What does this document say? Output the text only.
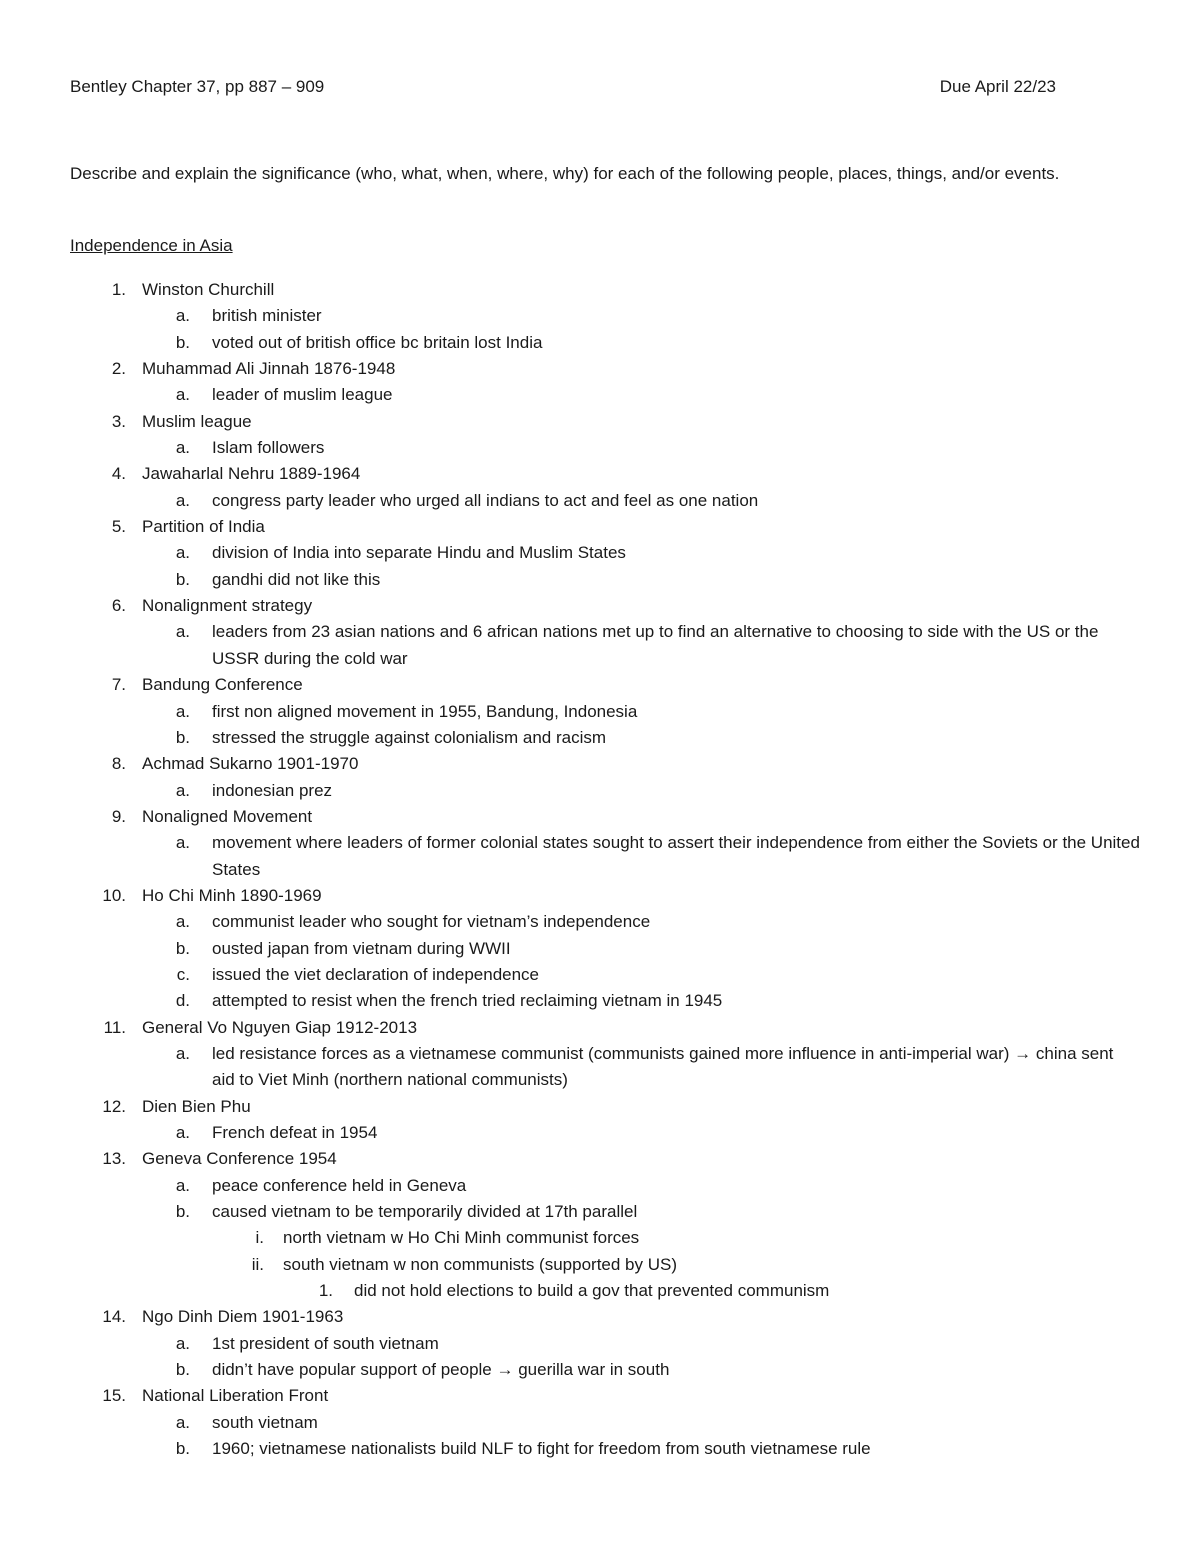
Bentley Chapter 37, pp 887 – 909	Due April 22/23

Describe and explain the significance (who, what, when, where, why) for each of the following people, places, things, and/or events.

Independence in Asia

1. Winston Churchill
a. british minister
b. voted out of british office bc britain lost India
2. Muhammad Ali Jinnah 1876-1948
a. leader of muslim league
3. Muslim league
a. Islam followers
4. Jawaharlal Nehru 1889-1964
a. congress party leader who urged all indians to act and feel as one nation
5. Partition of India
a. division of India into separate Hindu and Muslim States
b. gandhi did not like this
6. Nonalignment strategy
a. leaders from 23 asian nations and 6 african nations met up to find an alternative to choosing to side with the US or the USSR during the cold war
7. Bandung Conference
a. first non aligned movement in 1955, Bandung, Indonesia
b. stressed the struggle against colonialism and racism
8. Achmad Sukarno 1901-1970
a. indonesian prez
9. Nonaligned Movement
a. movement where leaders of former colonial states sought to assert their independence from either the Soviets or the United States
10. Ho Chi Minh 1890-1969
a. communist leader who sought for vietnam’s independence
b. ousted japan from vietnam during WWII
c. issued the viet declaration of independence
d. attempted to resist when the french tried reclaiming vietnam in 1945
11. General Vo Nguyen Giap 1912-2013
a. led resistance forces as a vietnamese communist (communists gained more influence in anti-imperial war) → china sent aid to Viet Minh (northern national communists)
12. Dien Bien Phu
a. French defeat in 1954
13. Geneva Conference 1954
a. peace conference held in Geneva
b. caused vietnam to be temporarily divided at 17th parallel
i. north vietnam w Ho Chi Minh communist forces
ii. south vietnam w non communists (supported by US)
1. did not hold elections to build a gov that prevented communism
14. Ngo Dinh Diem 1901-1963
a. 1st president of south vietnam
b. didn’t have popular support of people → guerilla war in south
15. National Liberation Front
a. south vietnam
b. 1960; vietnamese nationalists build NLF to fight for freedom from south vietnamese rule
